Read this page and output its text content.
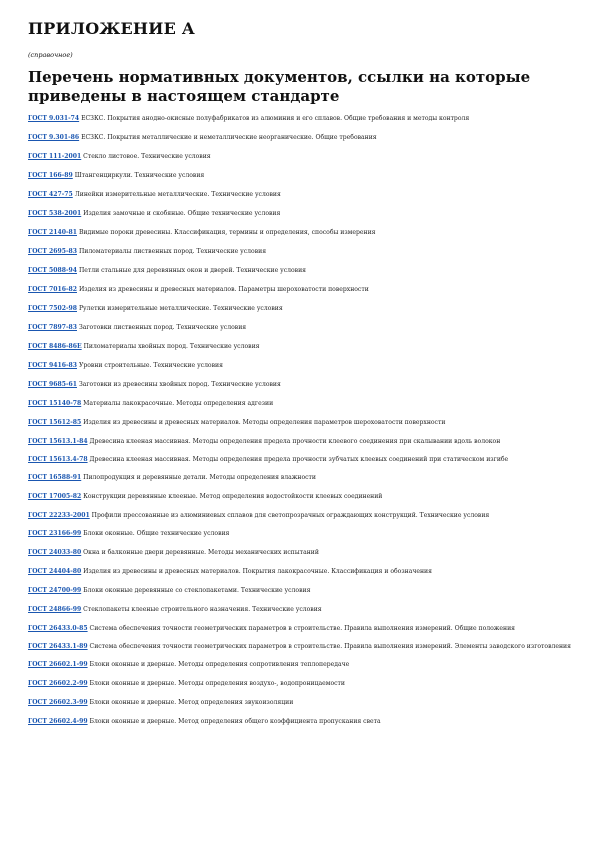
ПРИЛОЖЕНИЕ А
(справочное)
Перечень нормативных документов, ссылки на которые приведены в настоящем стандарте
ГОСТ 9.031-74 ЕСЗКС. Покрытия анодно-окисные полуфабрикатов из алюминия и его сплавов. Общие требования и методы контроля
ГОСТ 9.301-86 ЕСЗКС. Покрытия металлические и неметаллические неорганические. Общие требования
ГОСТ 111-2001 Стекло листовое. Технические условия
ГОСТ 166-89 Штангенциркули. Технические условия
ГОСТ 427-75 Линейки измерительные металлические. Технические условия
ГОСТ 538-2001 Изделия замочные и скобяные. Общие технические условия
ГОСТ 2140-81 Видимые пороки древесины. Классификация, термины и определения, способы измерения
ГОСТ 2695-83 Пиломатериалы лиственных пород. Технические условия
ГОСТ 5088-94 Петли стальные для деревянных окон и дверей. Технические условия
ГОСТ 7016-82 Изделия из древесины и древесных материалов. Параметры шероховатости поверхности
ГОСТ 7502-98 Рулетки измерительные металлические. Технические условия
ГОСТ 7897-83 Заготовки лиственных пород. Технические условия
ГОСТ 8486-86Е Пиломатериалы хвойных пород. Технические условия
ГОСТ 9416-83 Уровни строительные. Технические условия
ГОСТ 9685-61 Заготовки из древесины хвойных пород. Технические условия
ГОСТ 15140-78 Материалы лакокрасочные. Методы определения адгезии
ГОСТ 15612-85 Изделия из древесины и древесных материалов. Методы определения параметров шероховатости поверхности
ГОСТ 15613.1-84 Древесина клееная массивная. Методы определения предела прочности клеевого соединения при скалывании вдоль волокон
ГОСТ 15613.4-78 Древесина клееная массивная. Методы определения предела прочности зубчатых клеевых соединений при статическом изгибе
ГОСТ 16588-91 Пилопродукция и деревянные детали. Методы определения влажности
ГОСТ 17005-82 Конструкции деревянные клееные. Метод определения водостойкости клеевых соединений
ГОСТ 22233-2001 Профили прессованные из алюминиевых сплавов для светопрозрачных ограждающих конструкций. Технические условия
ГОСТ 23166-99 Блоки оконные. Общие технические условия
ГОСТ 24033-80 Окна и балконные двери деревянные. Методы механических испытаний
ГОСТ 24404-80 Изделия из древесины и древесных материалов. Покрытия лакокрасочные. Классификация и обозначения
ГОСТ 24700-99 Блоки оконные деревянные со стеклопакетами. Технические условия
ГОСТ 24866-99 Стеклопакеты клееные строительного назначения. Технические условия
ГОСТ 26433.0-85 Система обеспечения точности геометрических параметров в строительстве. Правила выполнения измерений. Общие положения
ГОСТ 26433.1-89 Система обеспечения точности геометрических параметров в строительстве. Правила выполнения измерений. Элементы заводского изготовления
ГОСТ 26602.1-99 Блоки оконные и дверные. Методы определения сопротивления теплопередаче
ГОСТ 26602.2-99 Блоки оконные и дверные. Методы определения воздухо-, водопроницаемости
ГОСТ 26602.3-99 Блоки оконные и дверные. Метод определения звукоизоляции
ГОСТ 26602.4-99 Блоки оконные и дверные. Метод определения общего коэффициента пропускания света
